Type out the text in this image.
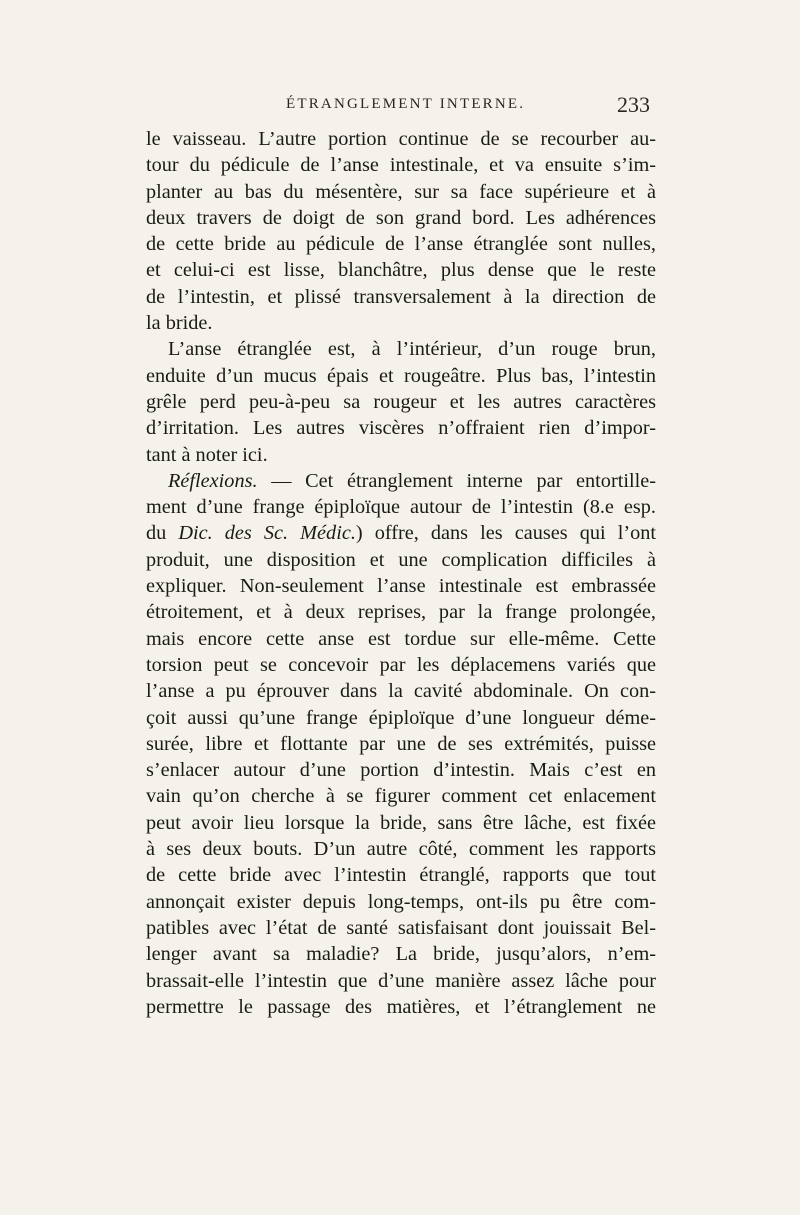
ÉTRANGLEMENT INTERNE.	233
le vaisseau. L’autre portion continue de se recourber au-
tour du pédicule de l’anse intestinale, et va ensuite s’im-
planter au bas du mésentère, sur sa face supérieure et à
deux travers de doigt de son grand bord. Les adhérences
de cette bride au pédicule de l’anse étranglée sont nulles,
et celui-ci est lisse, blanchâtre, plus dense que le reste
de l’intestin, et plissé transversalement à la direction de
la bride.
L’anse étranglée est, à l’intérieur, d’un rouge brun,
enduite d’un mucus épais et rougeâtre. Plus bas, l’intestin
grêle perd peu-à-peu sa rougeur et les autres caractères
d’irritation. Les autres viscères n’offraient rien d’impor-
tant à noter ici.
Réflexions. — Cet étranglement interne par entortille-
ment d’une frange épiploïque autour de l’intestin (8.e esp.
du Dic. des Sc. Médic.) offre, dans les causes qui l’ont
produit, une disposition et une complication difficiles à
expliquer. Non-seulement l’anse intestinale est embrassée
étroitement, et à deux reprises, par la frange prolongée,
mais encore cette anse est tordue sur elle-même. Cette
torsion peut se concevoir par les déplacemens variés que
l’anse a pu éprouver dans la cavité abdominale. On con-
çoit aussi qu’une frange épiploïque d’une longueur démе-
surée, libre et flottante par une de ses extrémités, puisse
s’enlacer autour d’une portion d’intestin. Mais c’est en
vain qu’on cherche à se figurer comment cet enlacement
peut avoir lieu lorsque la bride, sans être lâche, est fixée
à ses deux bouts. D’un autre côté, comment les rapports
de cette bride avec l’intestin étranglé, rapports que tout
annonçait exister depuis long-temps, ont-ils pu être com-
patibles avec l’état de santé satisfaisant dont jouissait Bel-
lenger avant sa maladie? La bride, jusqu’alors, n’em-
brassait-elle l’intestin que d’une manière assez lâche pour
permettre le passage des matières, et l’étranglement ne
